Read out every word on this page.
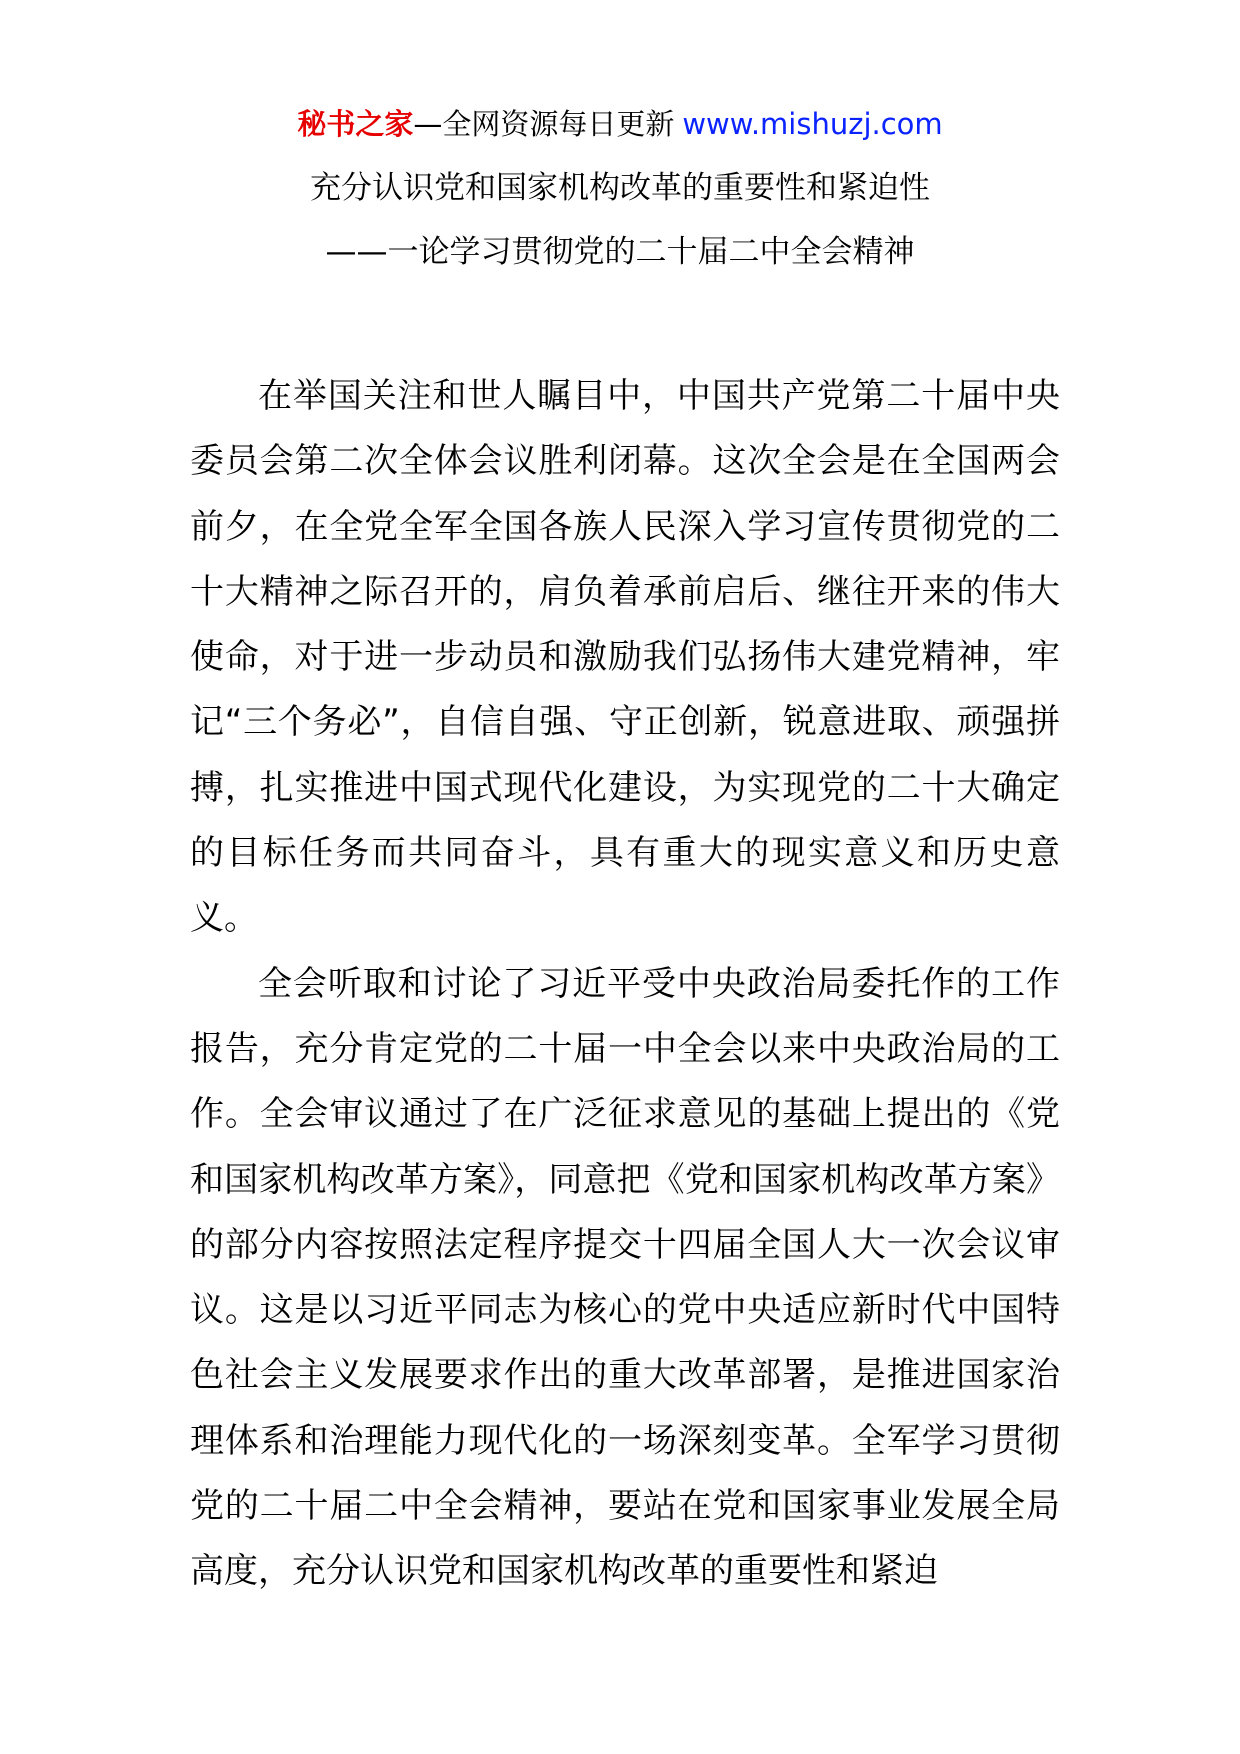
秘书之家—全网资源每日更新 www.mishuzj.com
充分认识党和国家机构改革的重要性和紧迫性
——一论学习贯彻党的二十届二中全会精神

在举国关注和世人瞩目中，中国共产党第二十届中央委员会第二次全体会议胜利闭幕。这次全会是在全国两会前夕，在全党全军全国各族人民深入学习宣传贯彻党的二十大精神之际召开的，肩负着承前启后、继往开来的伟大使命，对于进一步动员和激励我们弘扬伟大建党精神，牢记“三个务必”，自信自强、守正创新，锐意进取、顽强拼搏，扎实推进中国式现代化建设，为实现党的二十大确定的目标任务而共同奋斗，具有重大的现实意义和历史意义。

全会听取和讨论了习近平受中央政治局委托作的工作报告，充分肯定党的二十届一中全会以来中央政治局的工作。全会审议通过了在广泛征求意见的基础上提出的《党和国家机构改革方案》，同意把《党和国家机构改革方案》的部分内容按照法定程序提交十四届全国人大一次会议审议。这是以习近平同志为核心的党中央适应新时代中国特色社会主义发展要求作出的重大改革部署，是推进国家治理体系和治理能力现代化的一场深刻变革。全军学习贯彻党的二十届二中全会精神，要站在党和国家事业发展全局高度，充分认识党和国家机构改革的重要性和紧迫
